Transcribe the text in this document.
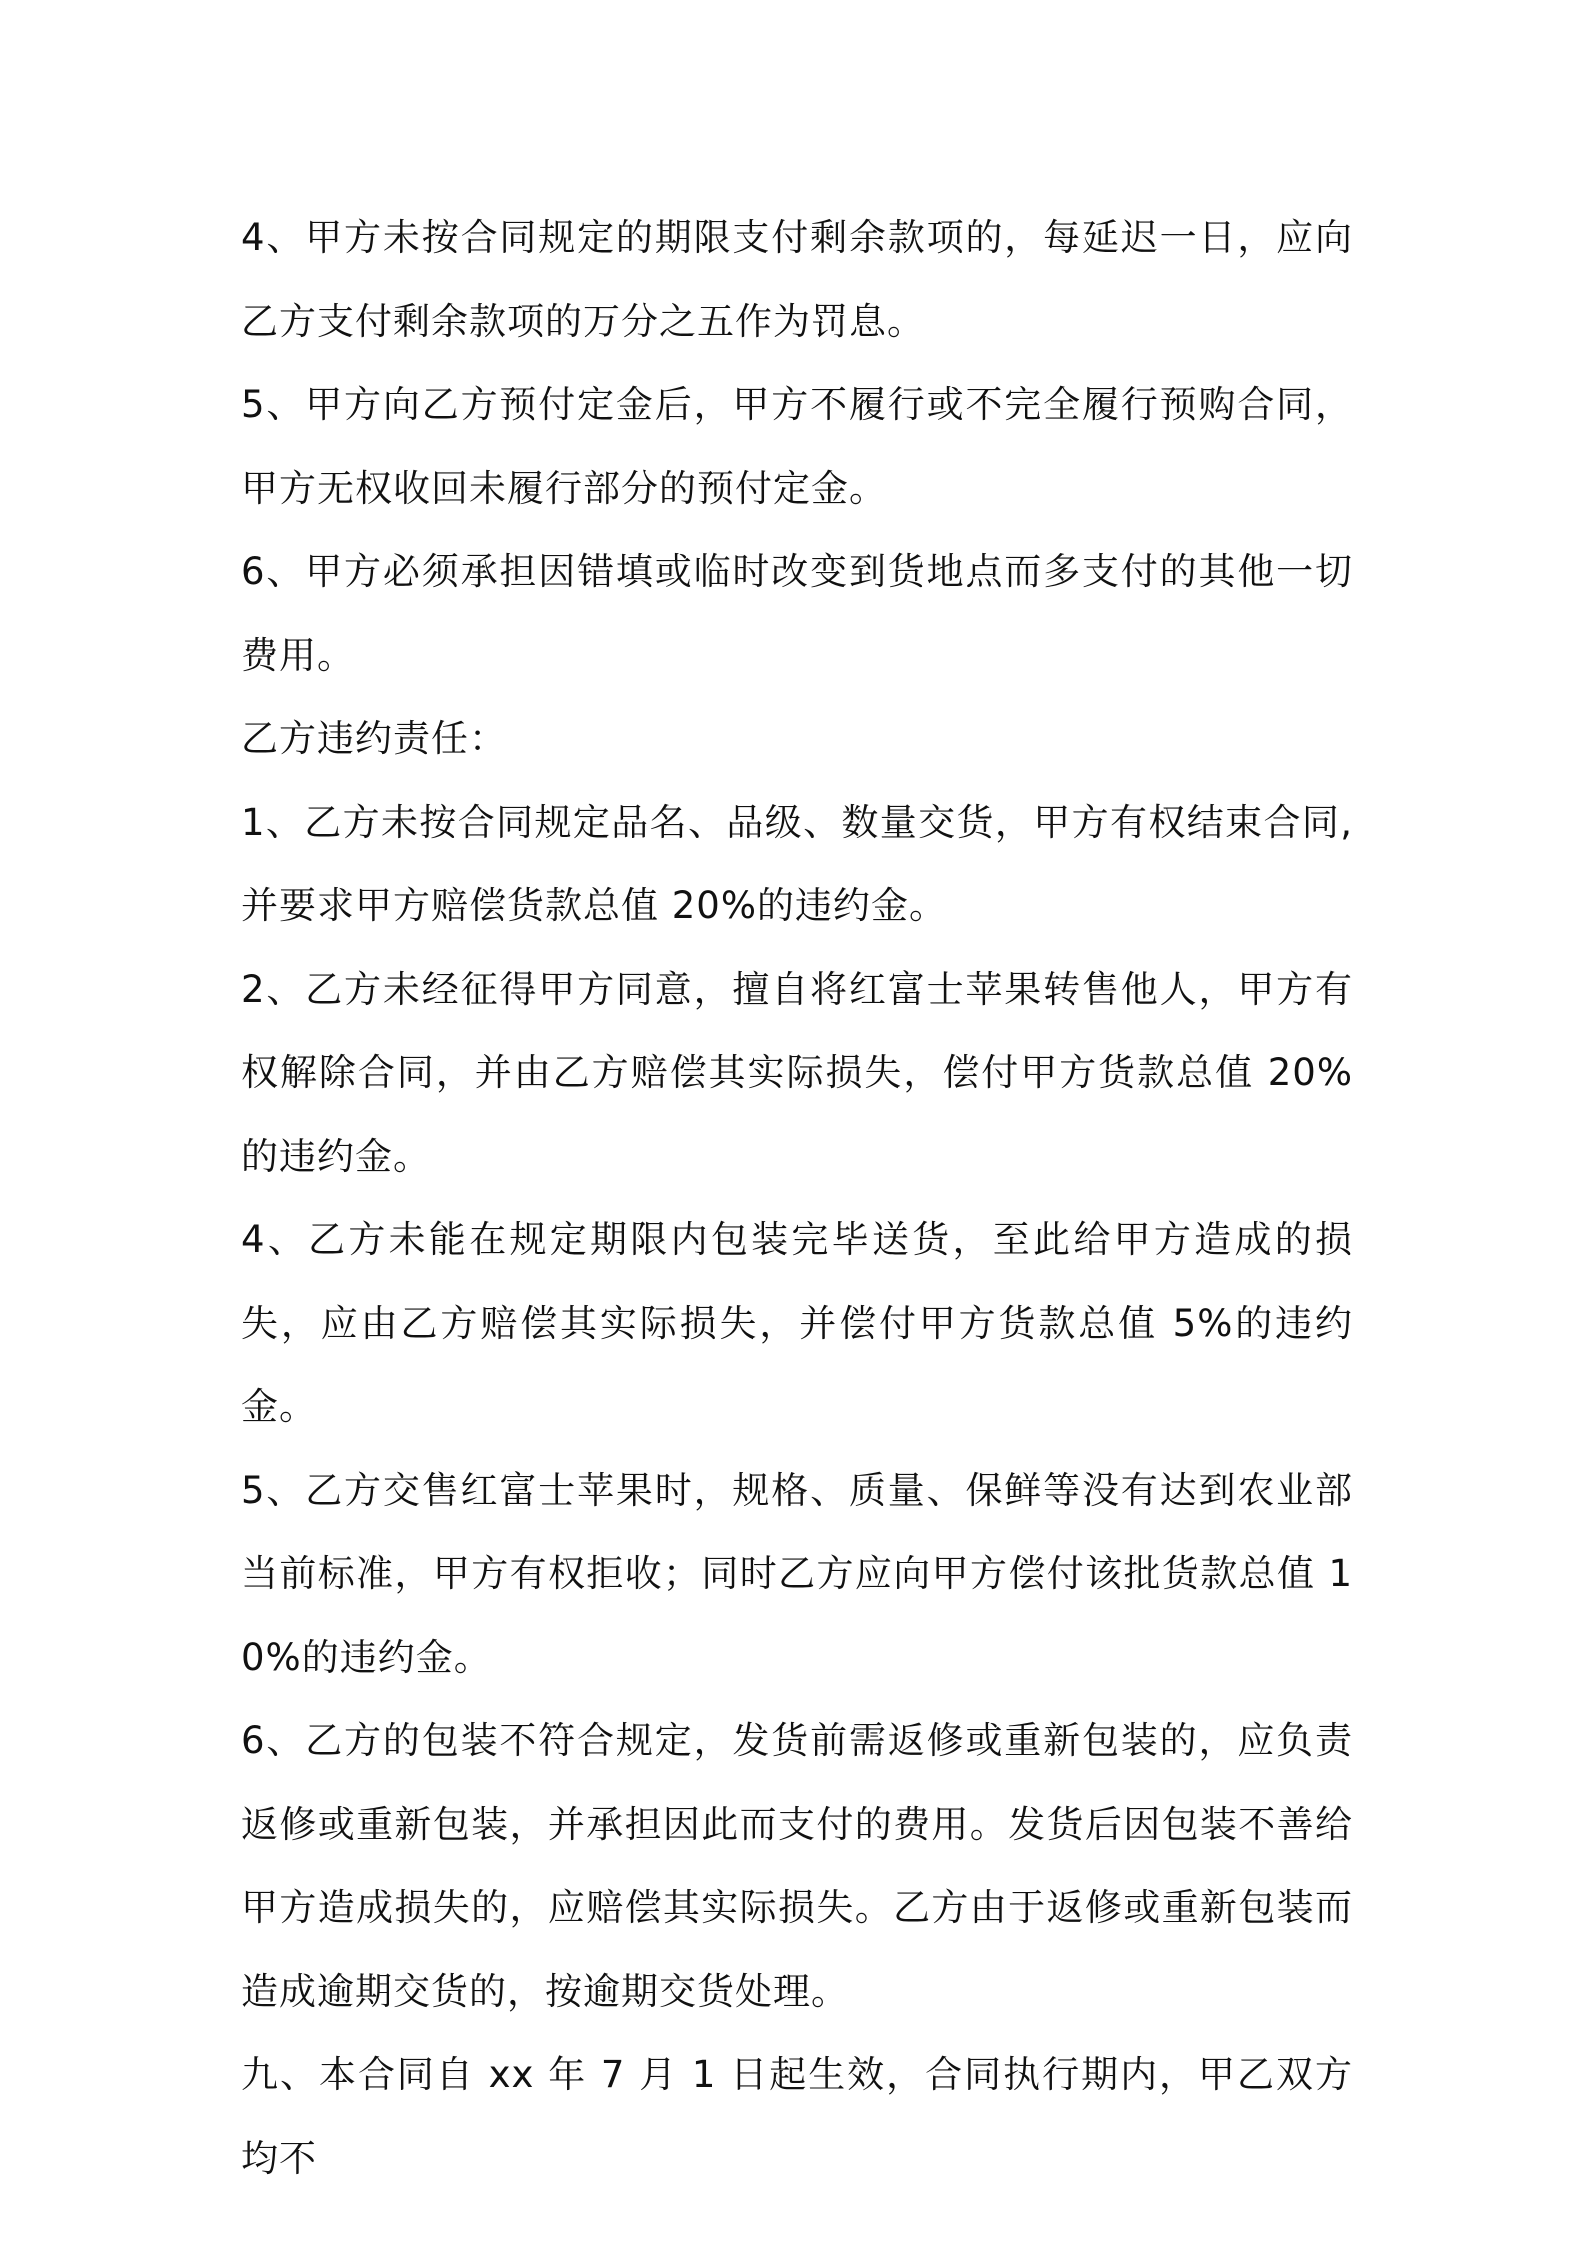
4、甲方未按合同规定的期限支付剩余款项的，每延迟一日，应向乙方支付剩余款项的万分之五作为罚息。

5、甲方向乙方预付定金后，甲方不履行或不完全履行预购合同，甲方无权收回未履行部分的预付定金。

6、甲方必须承担因错填或临时改变到货地点而多支付的其他一切费用。

乙方违约责任：

1、乙方未按合同规定品名、品级、数量交货，甲方有权结束合同,并要求甲方赔偿货款总值 20%的违约金。

2、乙方未经征得甲方同意，擅自将红富士苹果转售他人，甲方有权解除合同，并由乙方赔偿其实际损失，偿付甲方货款总值 20%的违约金。

4、乙方未能在规定期限内包装完毕送货，至此给甲方造成的损失，应由乙方赔偿其实际损失，并偿付甲方货款总值 5%的违约金。

5、乙方交售红富士苹果时，规格、质量、保鲜等没有达到农业部当前标准，甲方有权拒收；同时乙方应向甲方偿付该批货款总值 10%的违约金。

6、乙方的包装不符合规定，发货前需返修或重新包装的，应负责返修或重新包装，并承担因此而支付的费用。发货后因包装不善给甲方造成损失的，应赔偿其实际损失。乙方由于返修或重新包装而造成逾期交货的，按逾期交货处理。

九、本合同自 xx 年 7 月 1 日起生效，合同执行期内，甲乙双方均不
